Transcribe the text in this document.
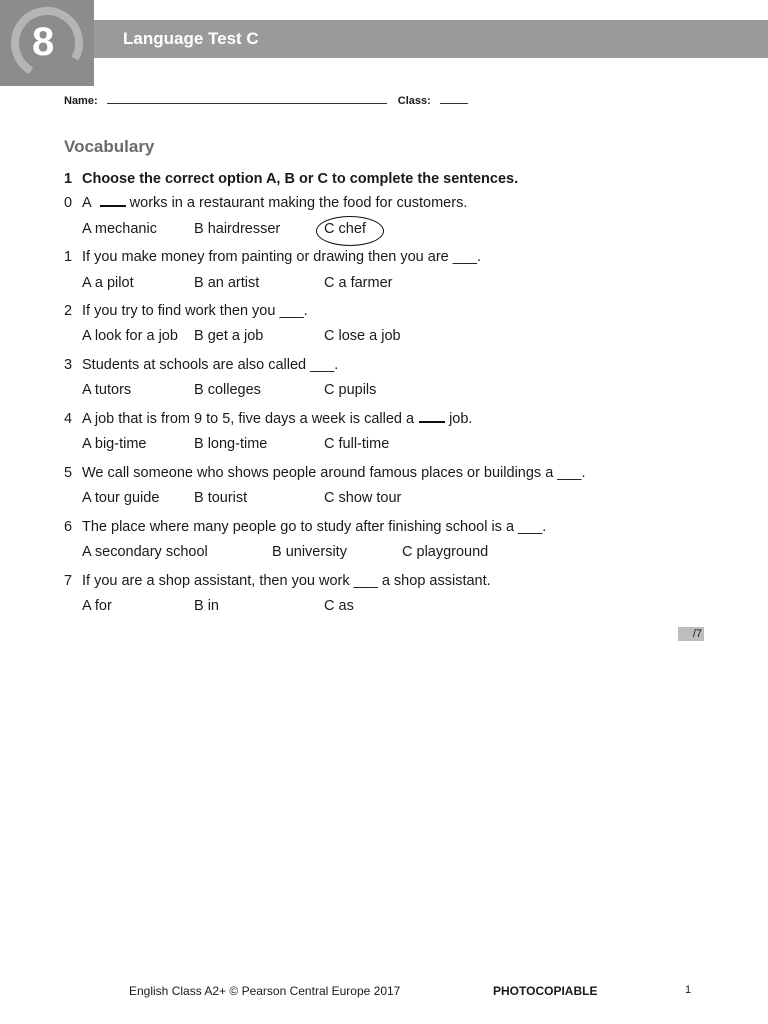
8	Language Test C
Name:	Class:
Vocabulary
1 Choose the correct option A, B or C to complete the sentences.
0 A	works in a restaurant making the food for customers.
A mechanic	B hairdresser	C chef
1 If you make money from painting or drawing then you are ___.
A a pilot	B an artist	C a farmer
2 If you try to find work then you ___.
A look for a job B get a job	C lose a job
3 Students at schools are also called ___.
A tutors	B colleges	C pupils
4 A job that is from 9 to 5, five days a week is called a job.
A big-time	B long-time	C full-time
5 We call someone who shows people around famous places or buildings a ___.
A tour guide B tourist	C show tour
6 The place where many people go to study after finishing school is a ___.
A secondary school	B university	C playground
7 If you are a shop assistant, then you work ___ a shop assistant.
A for	B in	C as
/7
English Class A2+ © Pearson Central Europe 2017	PHOTOCOPIABLE	1
